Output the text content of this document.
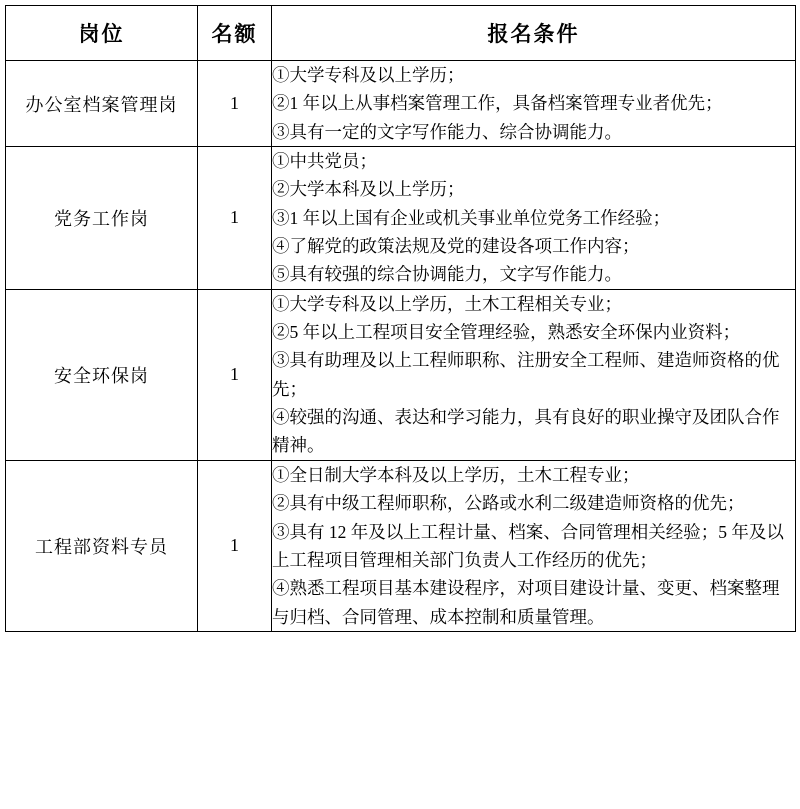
岗位	名额	报名条件
办公室档案管理岗	1	①大学专科及以上学历；
②1 年以上从事档案管理工作，具备档案管理专业者优先；
③具有一定的文字写作能力、综合协调能力。

党务工作岗	1	①中共党员；
②大学本科及以上学历；
③1 年以上国有企业或机关事业单位党务工作经验；
④了解党的政策法规及党的建设各项工作内容；
⑤具有较强的综合协调能力，文字写作能力。

安全环保岗	1	①大学专科及以上学历，土木工程相关专业；
②5 年以上工程项目安全管理经验，熟悉安全环保内业资料；
③具有助理及以上工程师职称、注册安全工程师、建造师资格的优先；
④较强的沟通、表达和学习能力，具有良好的职业操守及团队合作精神。

工程部资料专员	1	①全日制大学本科及以上学历，土木工程专业；
②具有中级工程师职称，公路或水利二级建造师资格的优先；
③具有 12 年及以上工程计量、档案、合同管理相关经验；5 年及以上工程项目管理相关部门负责人工作经历的优先；
④熟悉工程项目基本建设程序，对项目建设计量、变更、档案整理与归档、合同管理、成本控制和质量管理。
